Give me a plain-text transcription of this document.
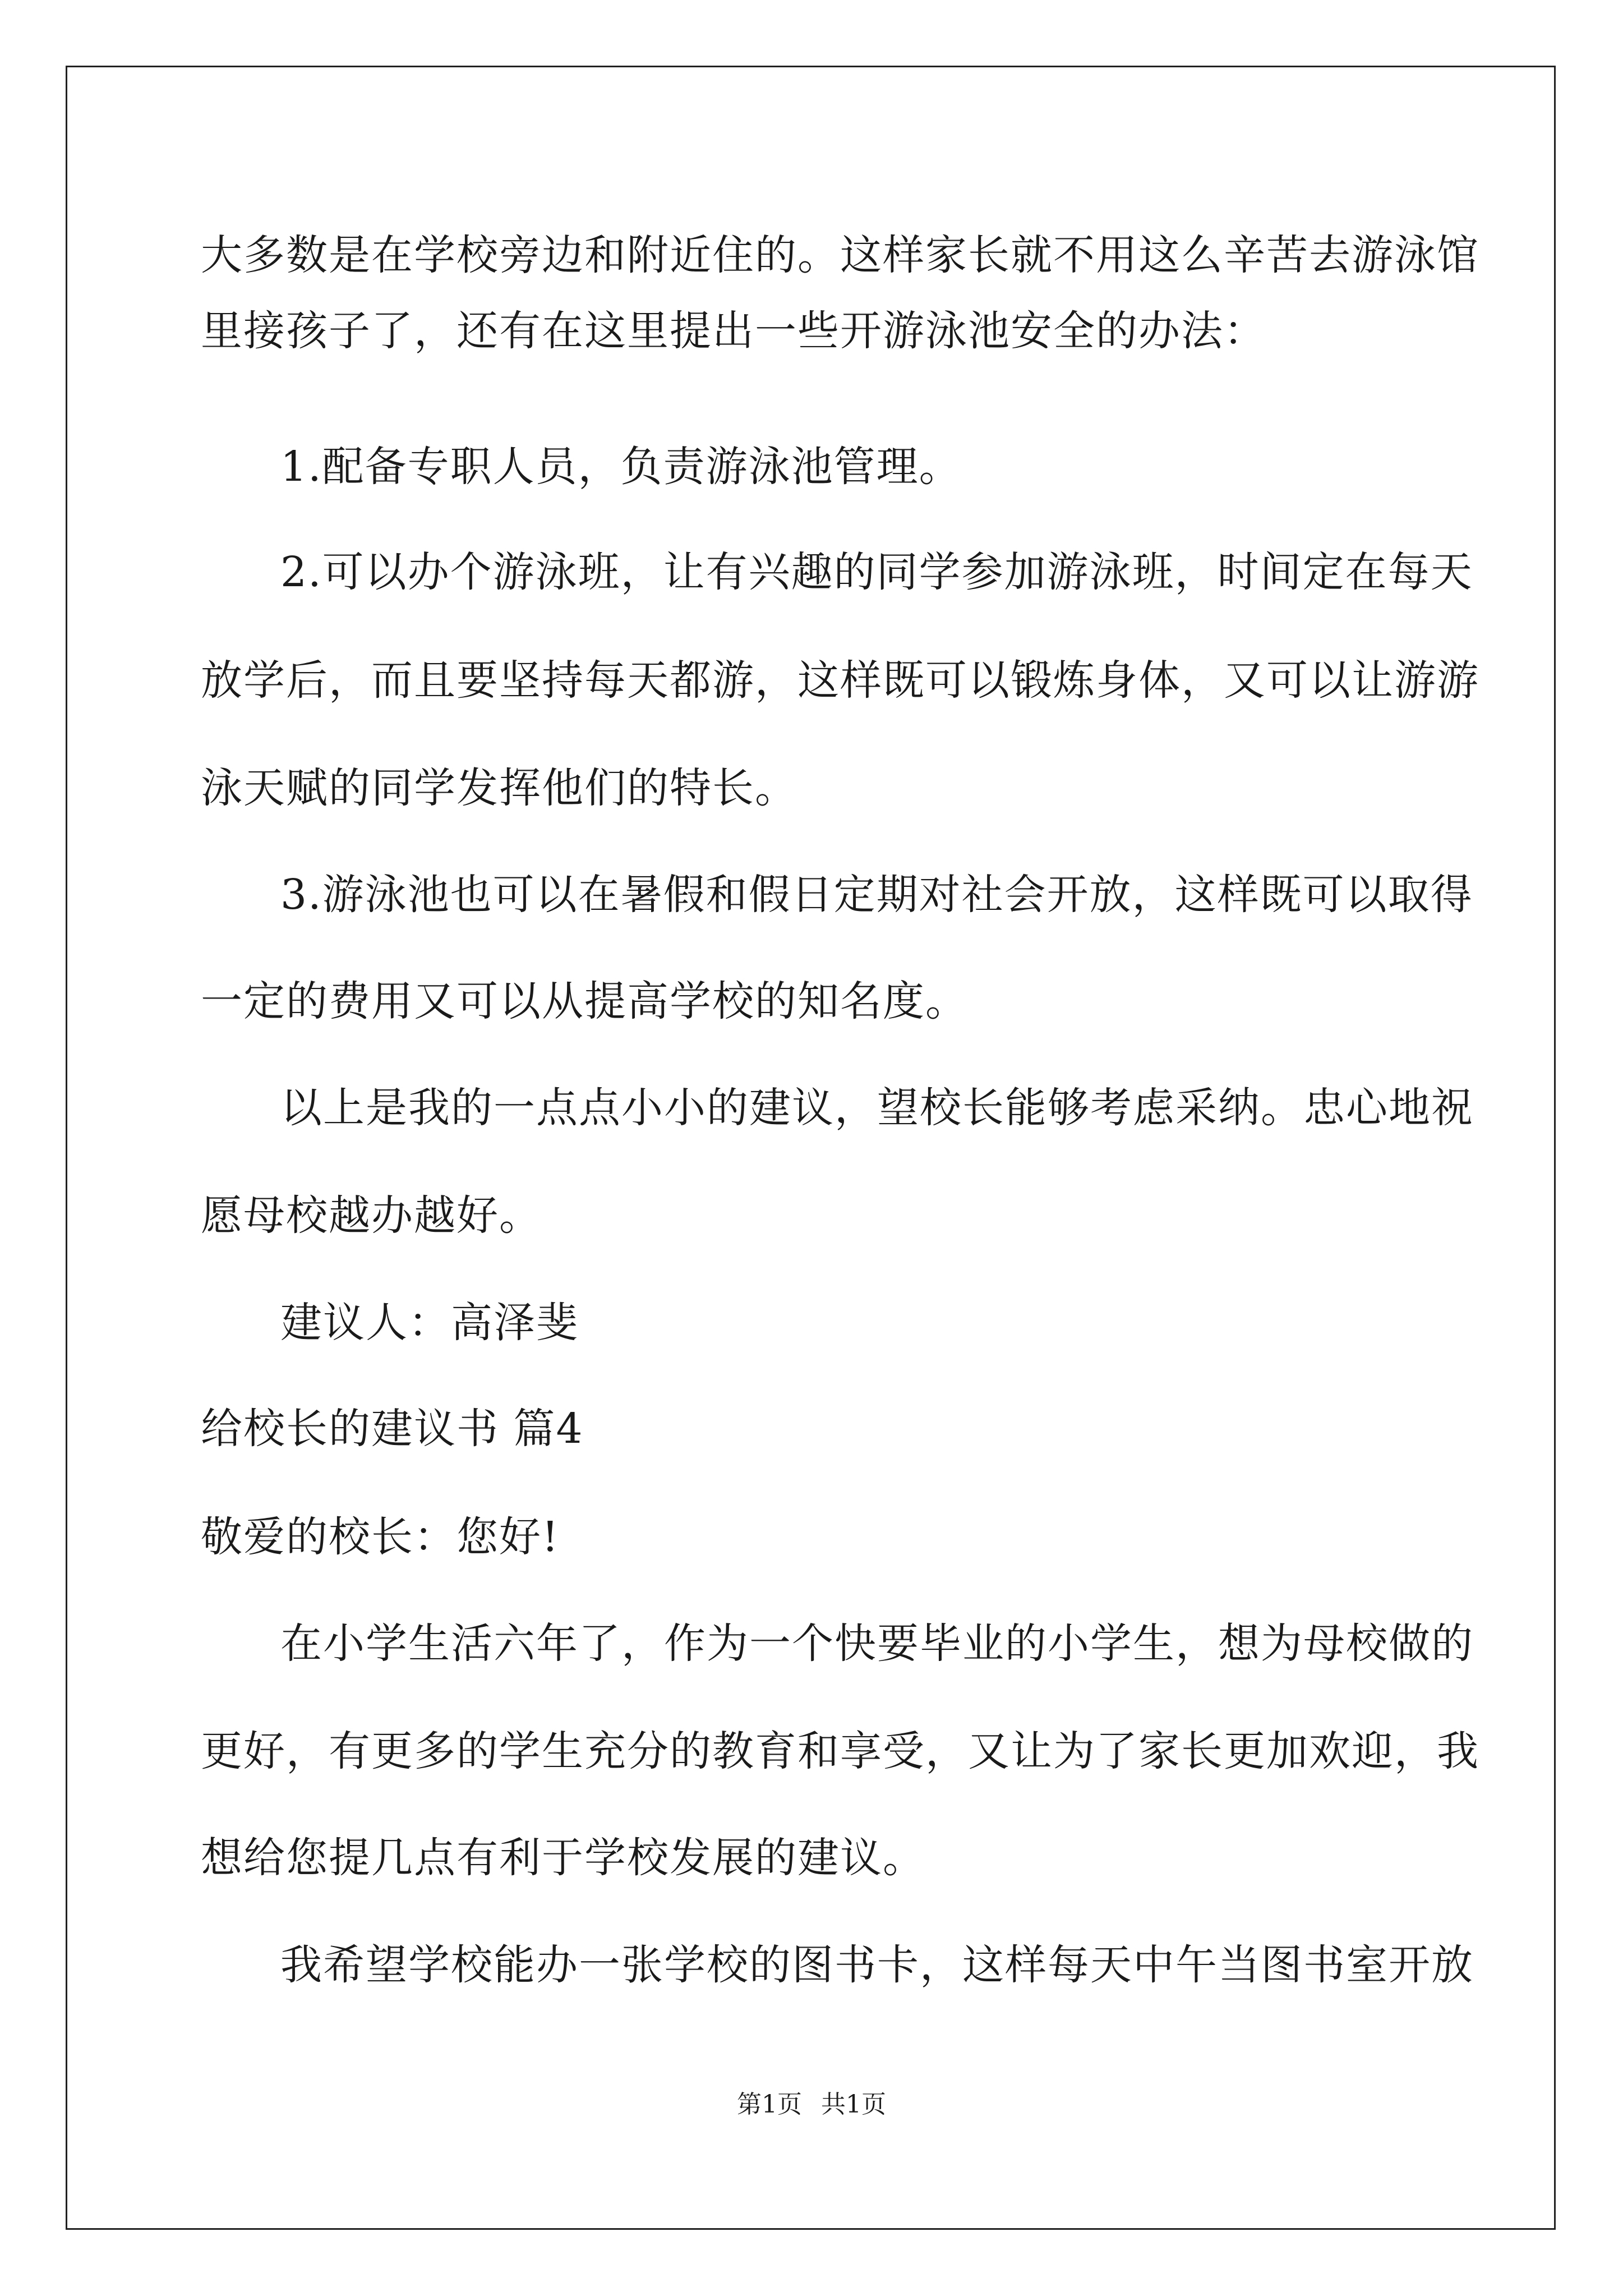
大多数是在学校旁边和附近住的。这样家长就不用这么辛苦去游泳馆
里接孩子了，还有在这里提出一些开游泳池安全的办法：
1.配备专职人员，负责游泳池管理。
2.可以办个游泳班，让有兴趣的同学参加游泳班，时间定在每天
放学后，而且要坚持每天都游，这样既可以锻炼身体，又可以让游游
泳天赋的同学发挥他们的特长。
3.游泳池也可以在暑假和假日定期对社会开放，这样既可以取得
一定的费用又可以从提高学校的知名度。
以上是我的一点点小小的建议，望校长能够考虑采纳。忠心地祝
愿母校越办越好。
建议人：高泽斐
给校长的建议书 篇4
敬爱的校长：您好!
在小学生活六年了，作为一个快要毕业的小学生，想为母校做的
更好，有更多的学生充分的教育和享受，又让为了家长更加欢迎，我
想给您提几点有利于学校发展的建议。
我希望学校能办一张学校的图书卡，这样每天中午当图书室开放
第1页 共1页
